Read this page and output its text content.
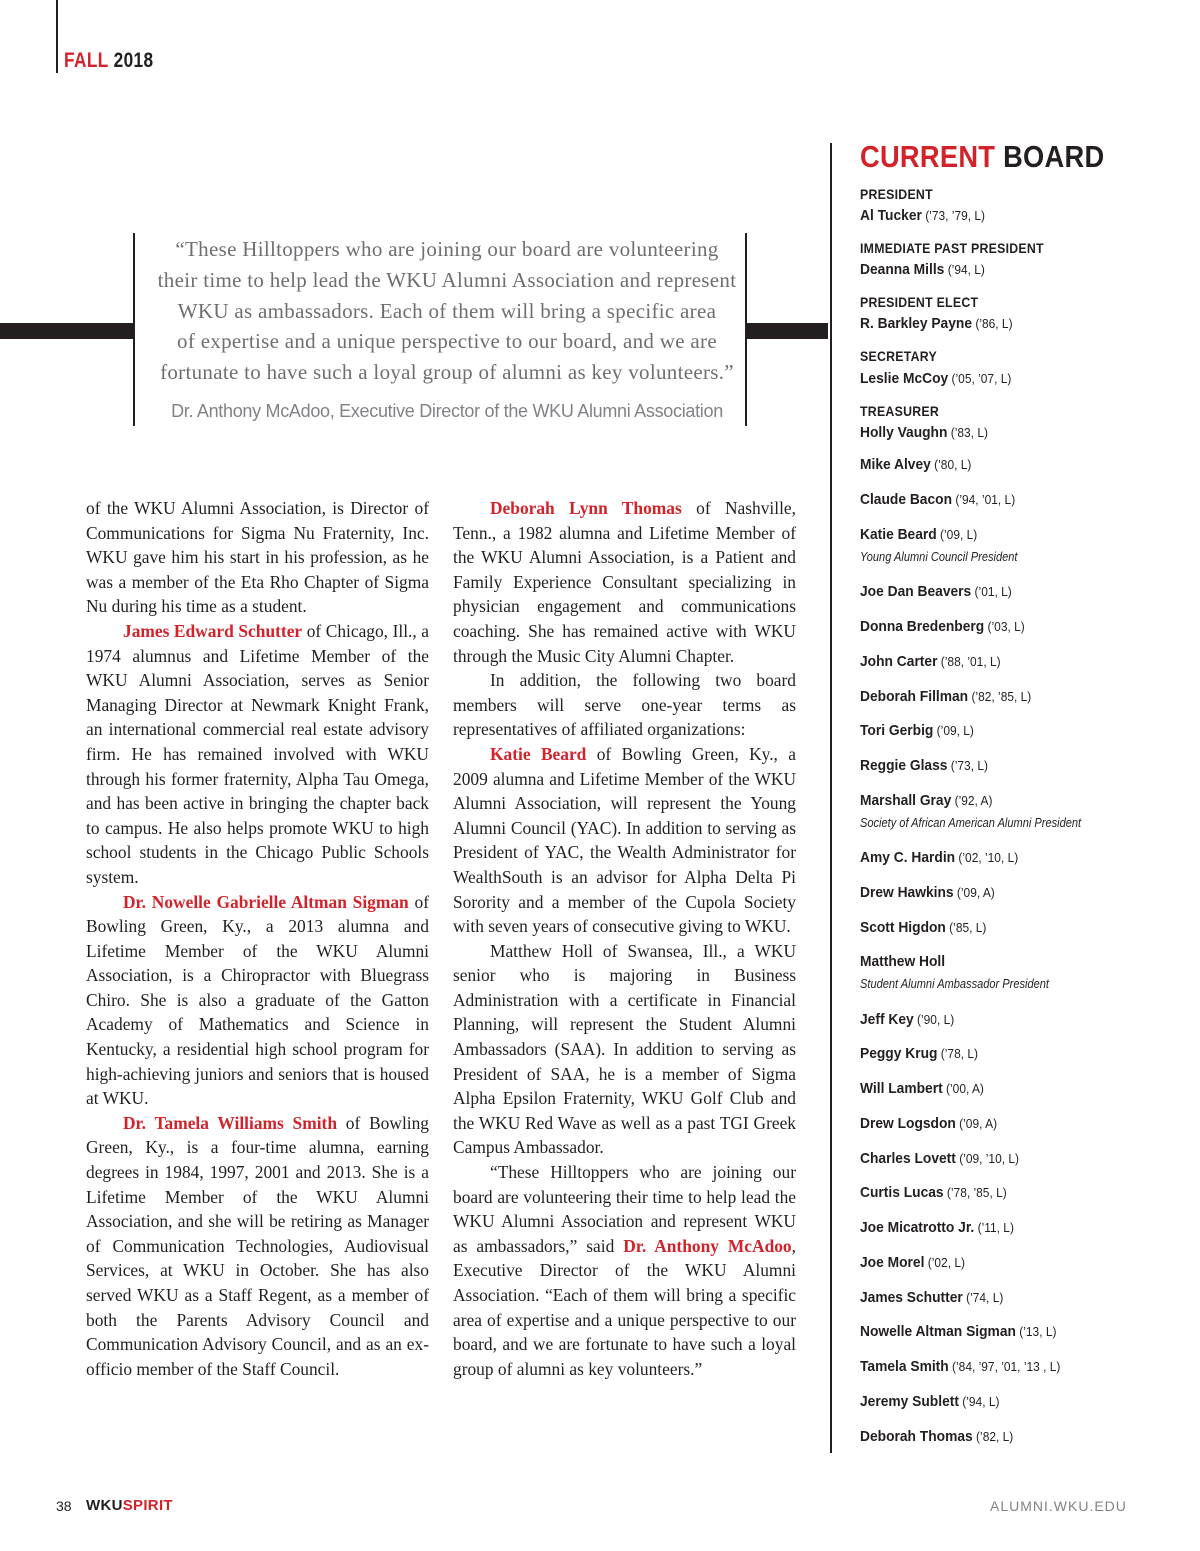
FALL 2018
“These Hilltoppers who are joining our board are volunteering
their time to help lead the WKU Alumni Association and represent
WKU as ambassadors. Each of them will bring a specific area
of expertise and a unique perspective to our board, and we are
fortunate to have such a loyal group of alumni as key volunteers.”
Dr. Anthony McAdoo, Executive Director of the WKU Alumni Association

of the WKU Alumni Association, is Director of Communications for Sigma Nu Fraternity, Inc. WKU gave him his start in his profession, as he was a member of the Eta Rho Chapter of Sigma Nu during his time as a student.

James Edward Schutter of Chicago, Ill., a 1974 alumnus and Lifetime Member of the WKU Alumni Association, serves as Senior Managing Director at Newmark Knight Frank, an international commercial real estate advisory firm. He has remained involved with WKU through his former fraternity, Alpha Tau Omega, and has been active in bringing the chapter back to campus. He also helps promote WKU to high school students in the Chicago Public Schools system.

Dr. Nowelle Gabrielle Altman Sigman of Bowling Green, Ky., a 2013 alumna and Lifetime Member of the WKU Alumni Association, is a Chiropractor with Bluegrass Chiro. She is also a graduate of the Gatton Academy of Mathematics and Science in Kentucky, a residential high school program for high-achieving juniors and seniors that is housed at WKU.

Dr. Tamela Williams Smith of Bowling Green, Ky., is a four-time alumna, earning degrees in 1984, 1997, 2001 and 2013. She is a Lifetime Member of the WKU Alumni Association, and she will be retiring as Manager of Communication Technologies, Audiovisual Services, at WKU in October. She has also served WKU as a Staff Regent, as a member of both the Parents Advisory Council and Communication Advisory Council, and as an ex-officio member of the Staff Council.

Deborah Lynn Thomas of Nashville, Tenn., a 1982 alumna and Lifetime Member of the WKU Alumni Association, is a Patient and Family Experience Consultant specializing in physician engagement and communications coaching. She has remained active with WKU through the Music City Alumni Chapter.

In addition, the following two board members will serve one-year terms as representatives of affiliated organizations:

Katie Beard of Bowling Green, Ky., a 2009 alumna and Lifetime Member of the WKU Alumni Association, will represent the Young Alumni Council (YAC). In addition to serving as President of YAC, the Wealth Administrator for WealthSouth is an advisor for Alpha Delta Pi Sorority and a member of the Cupola Society with seven years of consecutive giving to WKU.

Matthew Holl of Swansea, Ill., a WKU senior who is majoring in Business Administration with a certificate in Financial Planning, will represent the Student Alumni Ambassadors (SAA). In addition to serving as President of SAA, he is a member of Sigma Alpha Epsilon Fraternity, WKU Golf Club and the WKU Red Wave as well as a past TGI Greek Campus Ambassador.

“These Hilltoppers who are joining our board are volunteering their time to help lead the WKU Alumni Association and represent WKU as ambassadors,” said Dr. Anthony McAdoo, Executive Director of the WKU Alumni Association. “Each of them will bring a specific area of expertise and a unique perspective to our board, and we are fortunate to have such a loyal group of alumni as key volunteers.”

CURRENT BOARD
PRESIDENT
Al Tucker (’73, ’79, L)
IMMEDIATE PAST PRESIDENT
Deanna Mills (’94, L)
PRESIDENT ELECT
R. Barkley Payne (’86, L)
SECRETARY
Leslie McCoy (’05, ’07, L)
TREASURER
Holly Vaughn (’83, L)
Mike Alvey (’80, L)
Claude Bacon (’94, ’01, L)
Katie Beard (’09, L)
Young Alumni Council President
Joe Dan Beavers (’01, L)
Donna Bredenberg (’03, L)
John Carter (’88, ’01, L)
Deborah Fillman (’82, ’85, L)
Tori Gerbig (’09, L)
Reggie Glass (’73, L)
Marshall Gray (’92, A)
Society of African American Alumni President
Amy C. Hardin (’02, ’10, L)
Drew Hawkins (’09, A)
Scott Higdon (’85, L)
Matthew Holl
Student Alumni Ambassador President
Jeff Key (’90, L)
Peggy Krug (’78, L)
Will Lambert (’00, A)
Drew Logsdon (’09, A)
Charles Lovett (’09, ’10, L)
Curtis Lucas (’78, ’85, L)
Joe Micatrotto Jr. (’11, L)
Joe Morel (’02, L)
James Schutter (’74, L)
Nowelle Altman Sigman (’13, L)
Tamela Smith (’84, ’97, ’01, ’13 , L)
Jeremy Sublett (’94, L)
Deborah Thomas (’82, L)
38 WKUSPIRIT	ALUMNI.WKU.EDU
